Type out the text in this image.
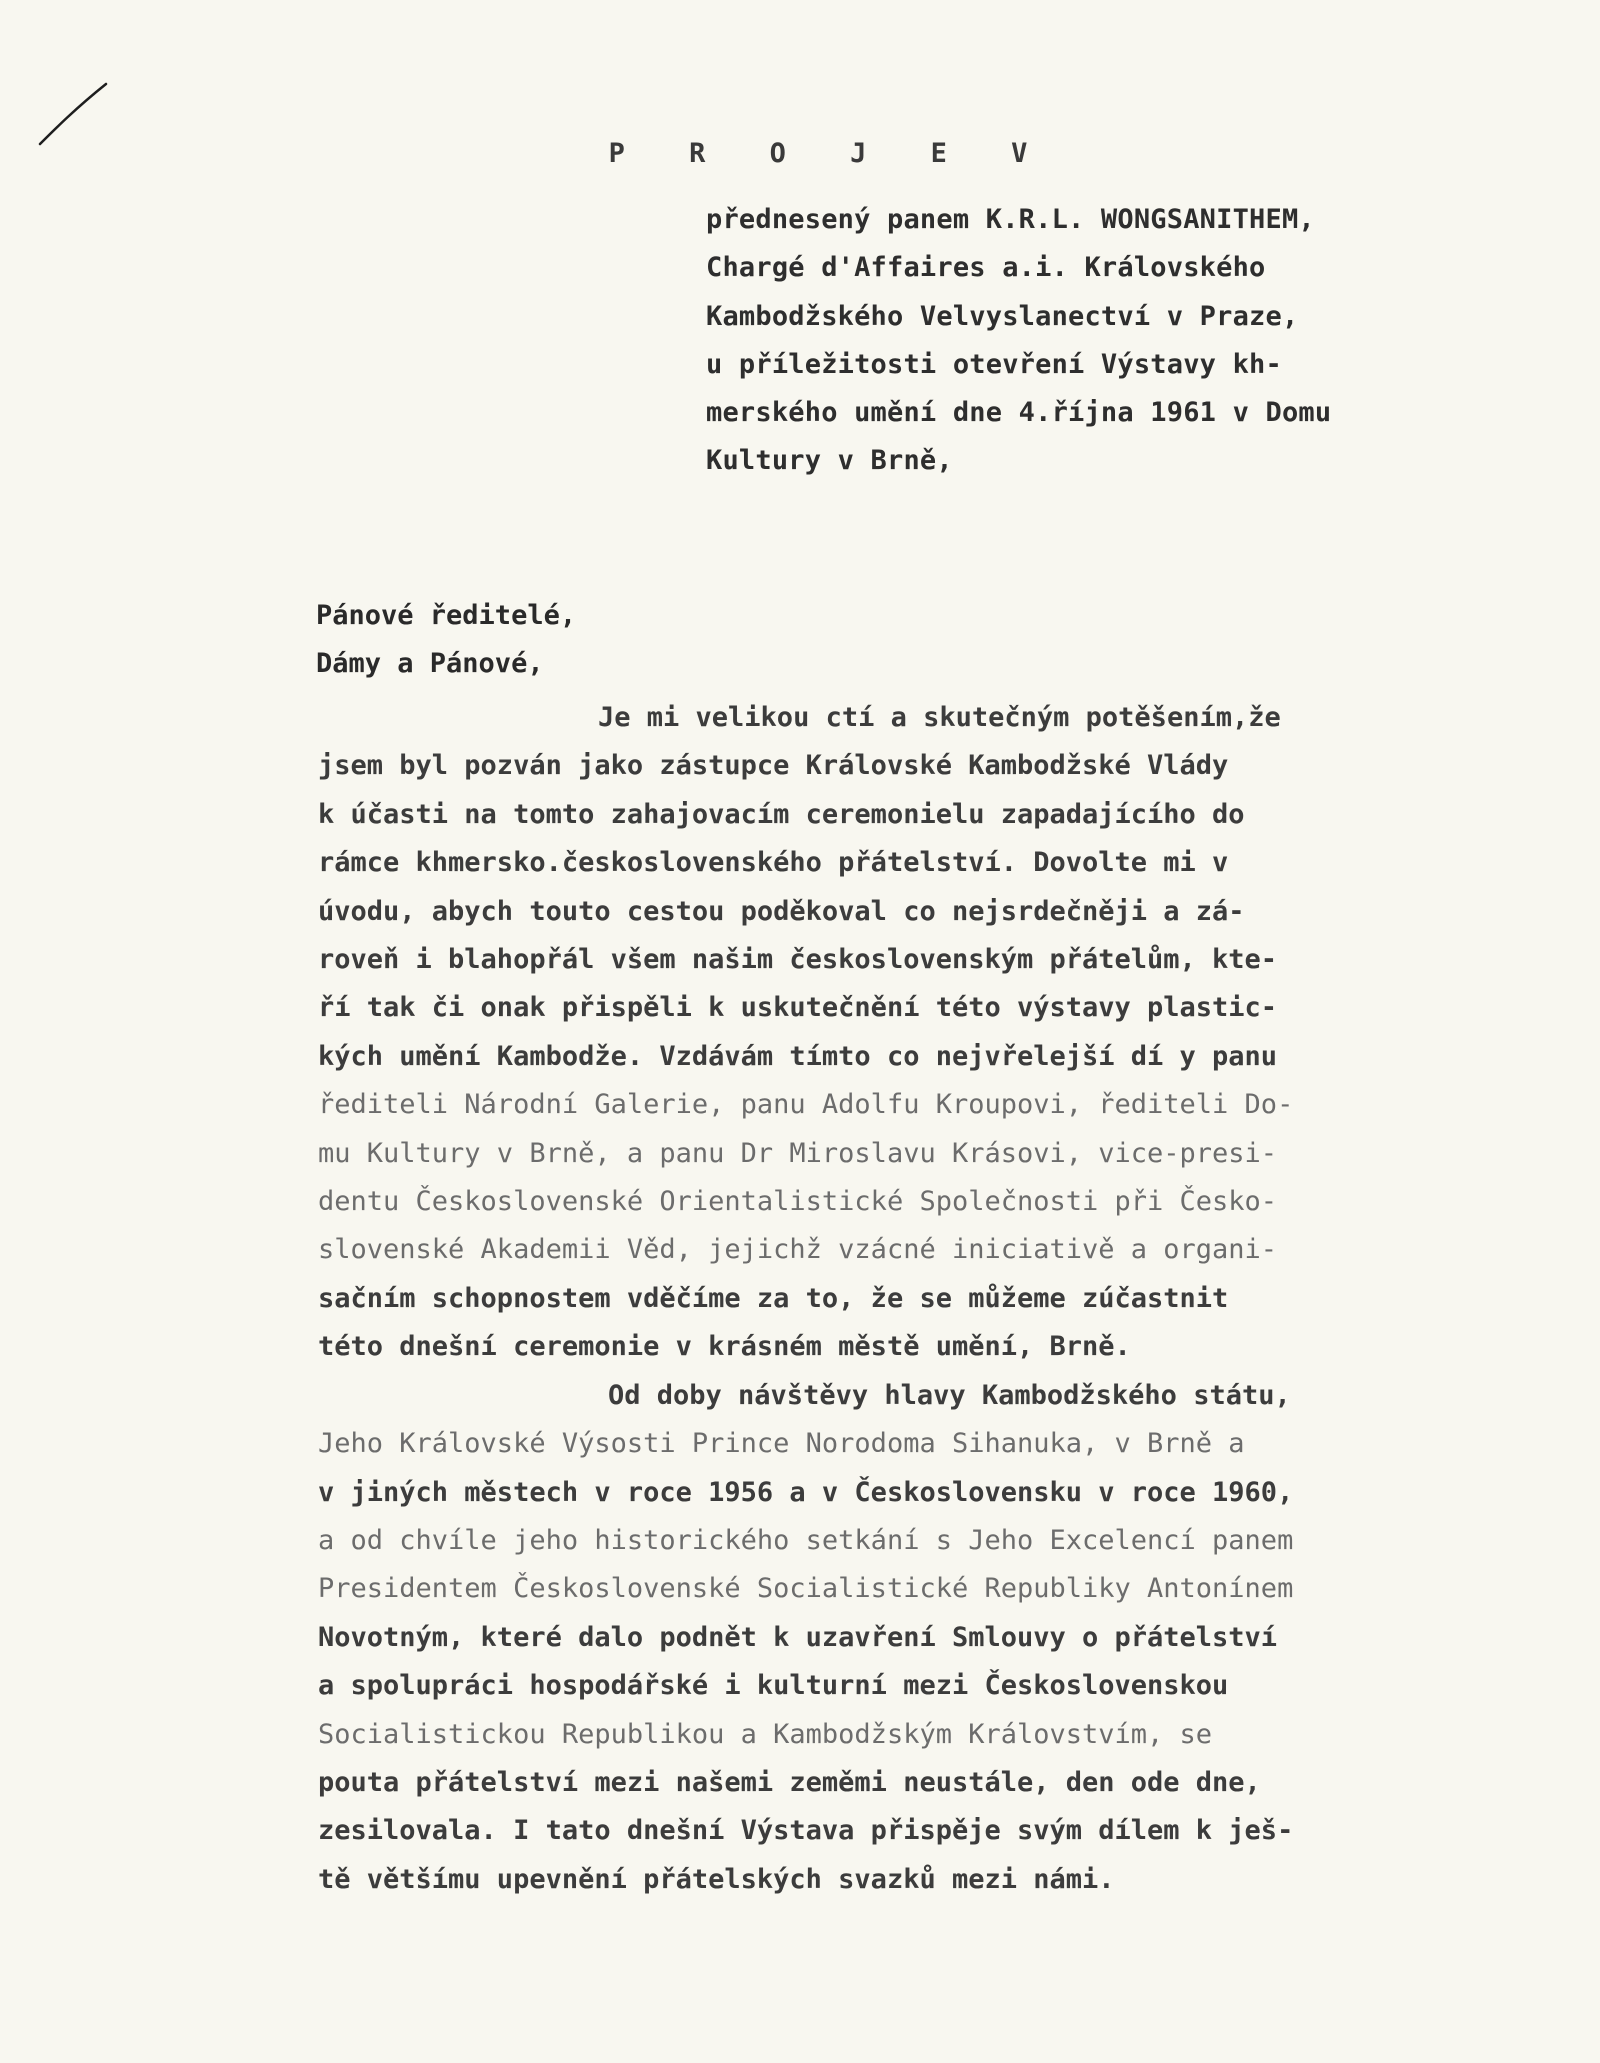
P R O J E V
přednesený panem K.R.L. WONGSANITHEM,
Chargé d'Affaires a.i. Královského
Kambodžského Velvyslanectví v Praze,
u příležitosti otevření Výstavy kh-
merského umění dne 4.října 1961 v Domu
Kultury v Brně,
Pánové ředitelé,
Dámy a Pánové,
Je mi velikou ctí a skutečným potěšením,že
jsem byl pozván jako zástupce Královské Kambodžské Vlády
k účasti na tomto zahajovacím ceremonielu zapadajícího do
rámce khmersko.československého přátelství. Dovolte mi v
úvodu, abych touto cestou poděkoval co nejsrdečněji a zá-
roveň i blahopřál všem našim československým přátelům, kte-
ří tak či onak přispěli k uskutečnění této výstavy plastic-
kých umění Kambodže. Vzdávám tímto co nejvřelejší dí y panu
řediteli Národní Galerie, panu Adolfu Kroupovi, řediteli Do-
mu Kultury v Brně, a panu Dr Miroslavu Krásovi, vice-presi-
dentu Československé Orientalistické Společnosti při Česko-
slovenské Akademii Věd, jejichž vzácné iniciativě a organi-
sačním schopnostem vděčíme za to, že se můžeme zúčastnit
této dnešní ceremonie v krásném městě umění, Brně.
Od doby návštěvy hlavy Kambodžského státu,
Jeho Královské Výsosti Prince Norodoma Sihanuka, v Brně a
v jiných městech v roce 1956 a v Československu v roce 1960,
a od chvíle jeho historického setkání s Jeho Excelencí panem
Presidentem Československé Socialistické Republiky Antonínem
Novotným, které dalo podnět k uzavření Smlouvy o přátelství
a spolupráci hospodářské i kulturní mezi Československou
Socialistickou Republikou a Kambodžským Královstvím, se
pouta přátelství mezi našemi zeměmi neustále, den ode dne,
zesilovala. I tato dnešní Výstava přispěje svým dílem k ješ-
tě většímu upevnění přátelských svazků mezi námi.
